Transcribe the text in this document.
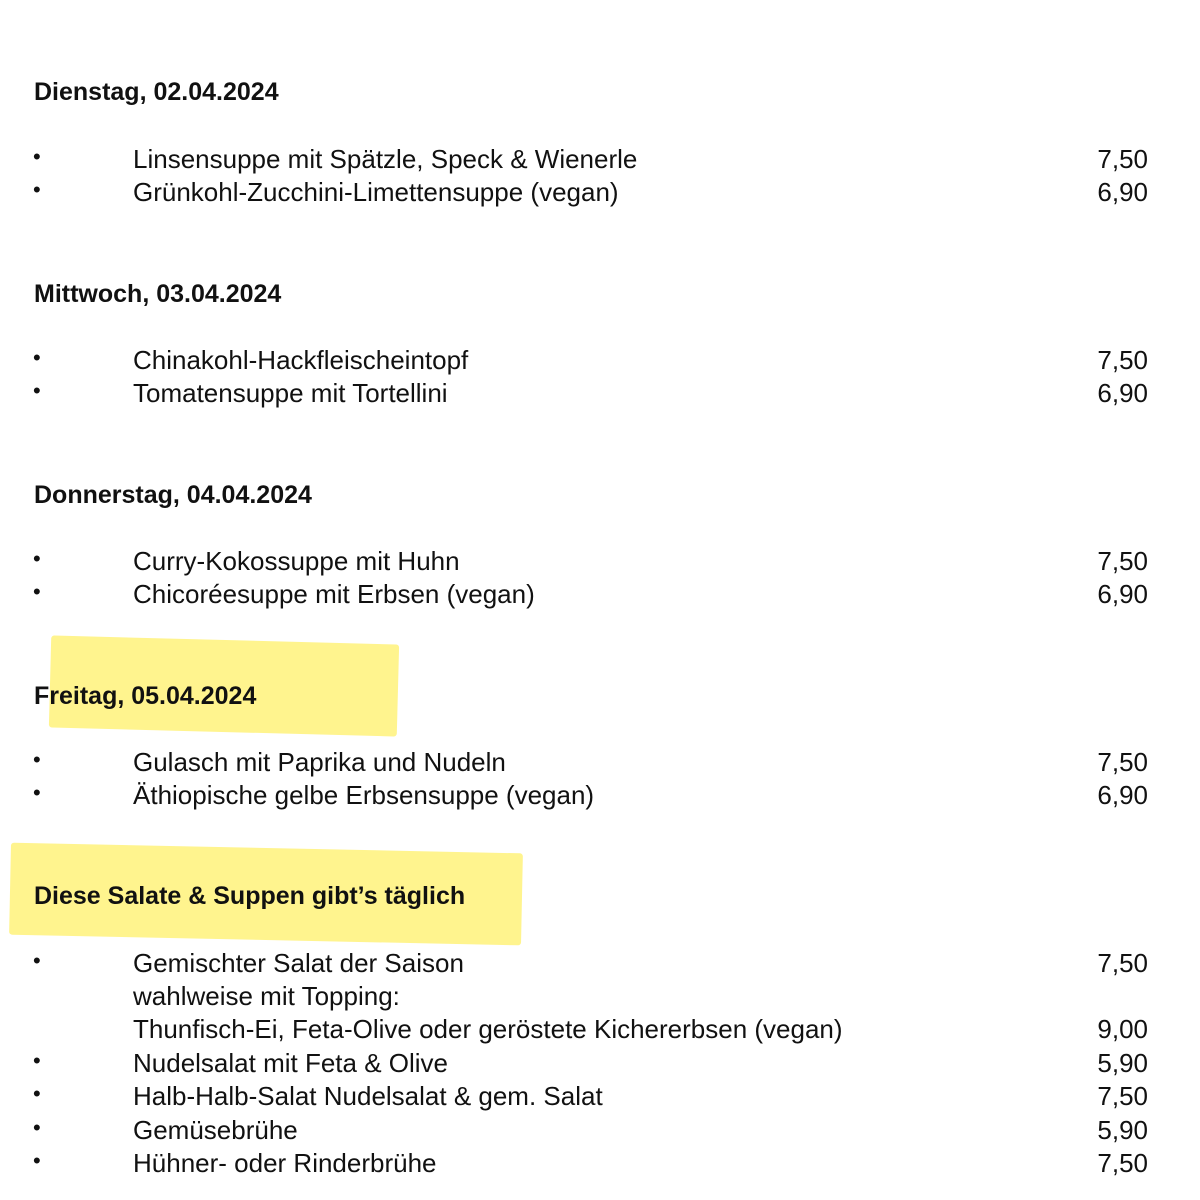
Dienstag, 02.04.2024
•	Linsensuppe mit Spätzle, Speck & Wienerle	7,50
•	Grünkohl-Zucchini-Limettensuppe (vegan)	6,90
Mittwoch, 03.04.2024
•	Chinakohl-Hackfleischeintopf	7,50
•	Tomatensuppe mit Tortellini	6,90
Donnerstag, 04.04.2024
•	Curry-Kokossuppe mit Huhn	7,50
•	Chicoréesuppe mit Erbsen (vegan)	6,90
Freitag, 05.04.2024
•	Gulasch mit Paprika und Nudeln	7,50
•	Äthiopische gelbe Erbsensuppe (vegan)	6,90
Diese Salate & Suppen gibt’s täglich
•	Gemischter Salat der Saison	7,50
wahlweise mit Topping:
Thunfisch-Ei, Feta-Olive oder geröstete Kichererbsen (vegan)	9,00
•	Nudelsalat mit Feta & Olive	5,90
•	Halb-Halb-Salat Nudelsalat & gem. Salat	7,50
•	Gemüsebrühe	5,90
•	Hühner- oder Rinderbrühe	7,50
